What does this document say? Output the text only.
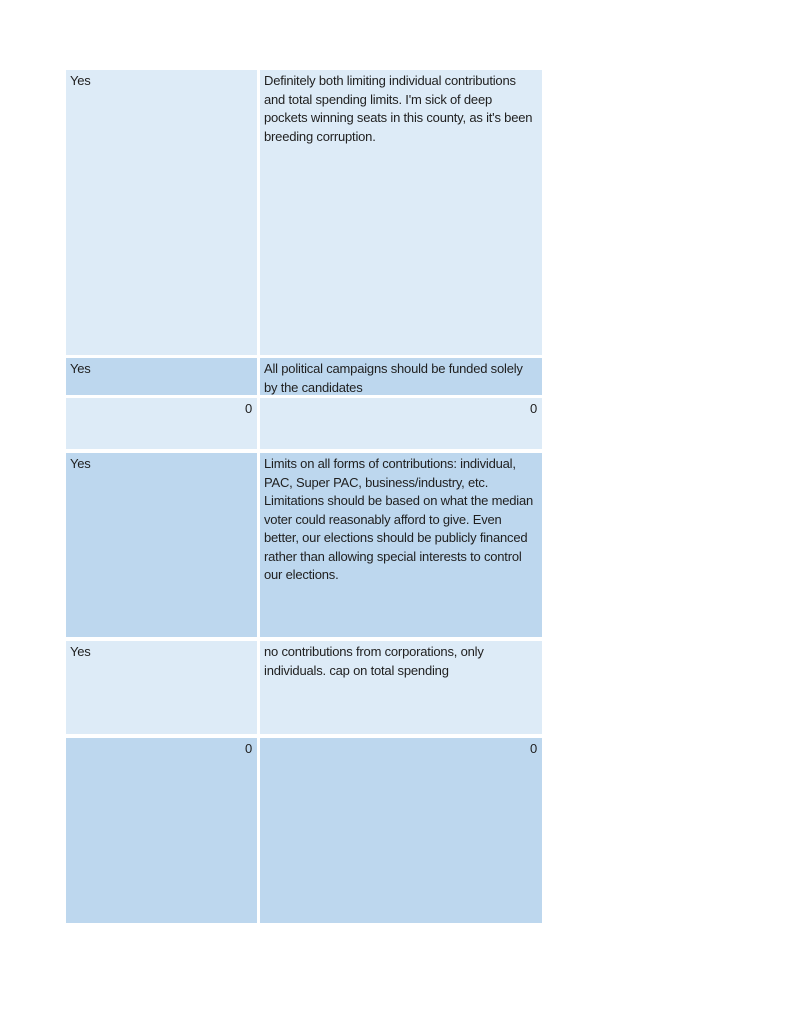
Yes	Definitely both limiting individual contributions and total spending limits. I'm sick of deep pockets winning seats in this county, as it's been breeding corruption.
Yes	All political campaigns should be funded solely by the candidates
0	0
Yes	Limits on all forms of contributions: individual, PAC, Super PAC, business/industry, etc. Limitations should be based on what the median voter could reasonably afford to give. Even better, our elections should be publicly financed rather than allowing special interests to control our elections.
Yes	no contributions from corporations, only individuals. cap on total spending
0	0
